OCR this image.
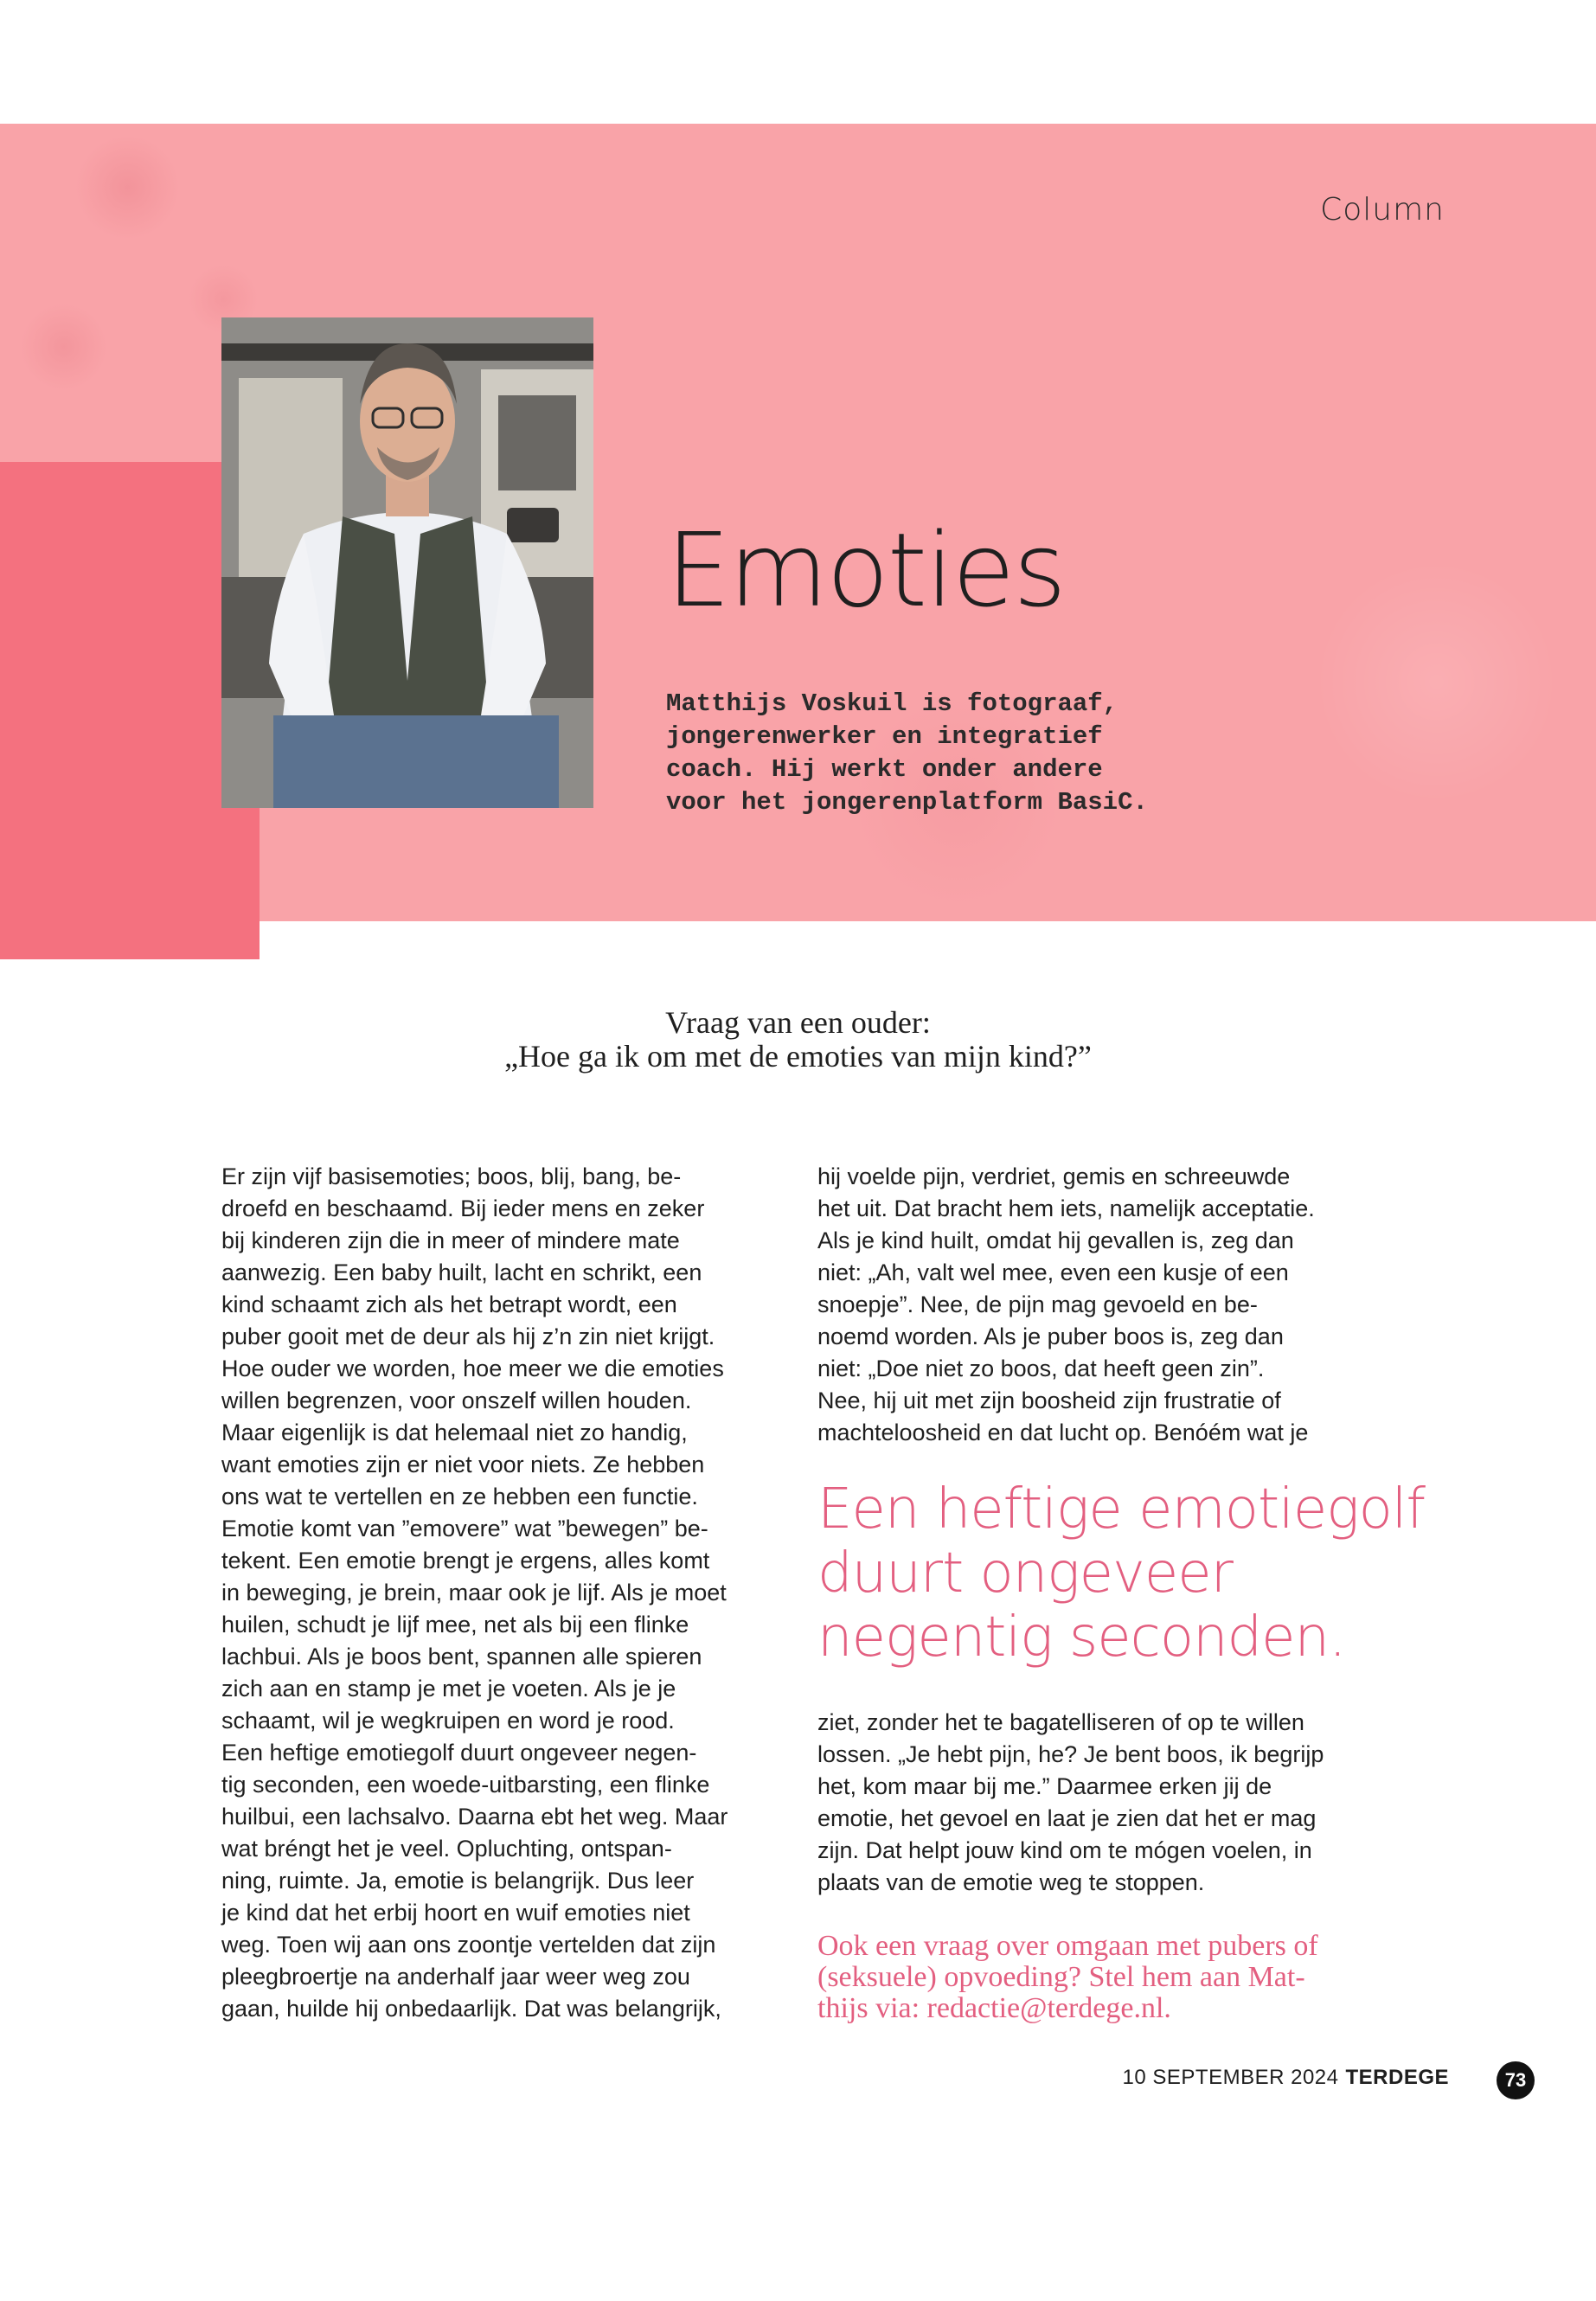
Column
Emoties
Matthijs Voskuil is fotograaf,
jongerenwerker en integratief
coach. Hij werkt onder andere
voor het jongerenplatform BasiC.
Vraag van een ouder:
„Hoe ga ik om met de emoties van mijn kind?”
Er zijn vijf basisemoties; boos, blij, bang, be-
droefd en beschaamd. Bij ieder mens en zeker
bij kinderen zijn die in meer of mindere mate
aanwezig. Een baby huilt, lacht en schrikt, een
kind schaamt zich als het betrapt wordt, een
puber gooit met de deur als hij z’n zin niet krijgt.
Hoe ouder we worden, hoe meer we die emoties
willen begrenzen, voor onszelf willen houden.
Maar eigenlijk is dat helemaal niet zo handig,
want emoties zijn er niet voor niets. Ze hebben
ons wat te vertellen en ze hebben een functie.
Emotie komt van ”emovere” wat ”bewegen” be-
tekent. Een emotie brengt je ergens, alles komt
in beweging, je brein, maar ook je lijf. Als je moet
huilen, schudt je lijf mee, net als bij een flinke
lachbui. Als je boos bent, spannen alle spieren
zich aan en stamp je met je voeten. Als je je
schaamt, wil je wegkruipen en word je rood.
Een heftige emotiegolf duurt ongeveer negen-
tig seconden, een woede-uitbarsting, een flinke
huilbui, een lachsalvo. Daarna ebt het weg. Maar
wat bréngt het je veel. Opluchting, ontspan-
ning, ruimte. Ja, emotie is belangrijk. Dus leer
je kind dat het erbij hoort en wuif emoties niet
weg. Toen wij aan ons zoontje vertelden dat zijn
pleegbroertje na anderhalf jaar weer weg zou
gaan, huilde hij onbedaarlijk. Dat was belangrijk,
hij voelde pijn, verdriet, gemis en schreeuwde
het uit. Dat bracht hem iets, namelijk acceptatie.
Als je kind huilt, omdat hij gevallen is, zeg dan
niet: „Ah, valt wel mee, even een kusje of een
snoepje”. Nee, de pijn mag gevoeld en be-
noemd worden. Als je puber boos is, zeg dan
niet: „Doe niet zo boos, dat heeft geen zin”.
Nee, hij uit met zijn boosheid zijn frustratie of
machteloosheid en dat lucht op. Benóém wat je
Een heftige emotiegolf
duurt ongeveer
negentig seconden.
ziet, zonder het te bagatelliseren of op te willen
lossen. „Je hebt pijn, he? Je bent boos, ik begrijp
het, kom maar bij me.” Daarmee erken jij de
emotie, het gevoel en laat je zien dat het er mag
zijn. Dat helpt jouw kind om te mógen voelen, in
plaats van de emotie weg te stoppen.
Ook een vraag over omgaan met pubers of
(seksuele) opvoeding? Stel hem aan Mat-
thijs via: redactie@terdege.nl.
10 SEPTEMBER 2024 TERDEGE	73
